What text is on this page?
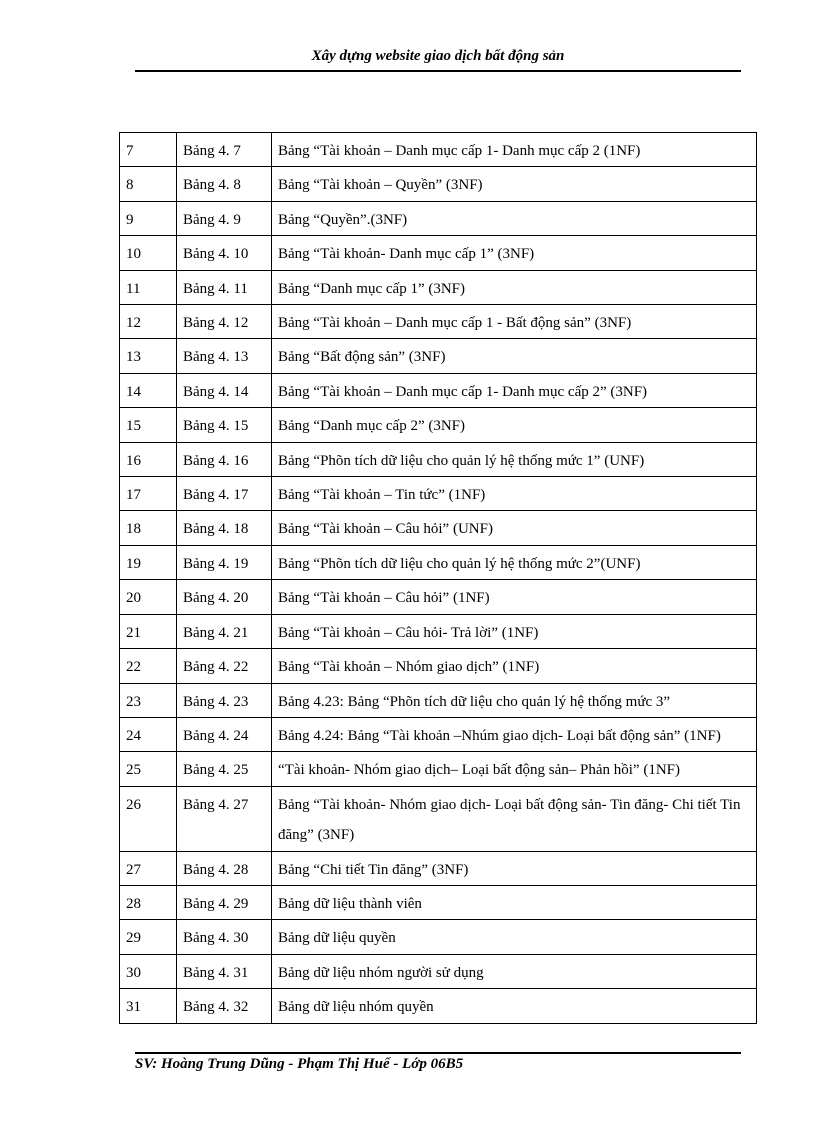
Xây dựng website giao dịch bất động sản
7	Bảng 4. 7	Bảng “Tài khoản – Danh mục cấp 1- Danh mục cấp 2 (1NF)
8	Bảng 4. 8	Bảng “Tài khoản – Quyền” (3NF)
9	Bảng 4. 9	Bảng “Quyền”.(3NF)
10	Bảng 4. 10	Bảng “Tài khoản- Danh mục cấp 1” (3NF)
11	Bảng 4. 11	Bảng “Danh mục cấp 1” (3NF)
12	Bảng 4. 12	Bảng “Tài khoản – Danh mục cấp 1 - Bất động sản” (3NF)
13	Bảng 4. 13	Bảng “Bất động sản” (3NF)
14	Bảng 4. 14	Bảng “Tài khoản – Danh mục cấp 1- Danh mục cấp 2” (3NF)
15	Bảng 4. 15	Bảng “Danh mục cấp 2” (3NF)
16	Bảng 4. 16	Bảng “Phõn tích dữ liệu cho quản lý hệ thống mức 1” (UNF)
17	Bảng 4. 17	Bảng “Tài khoản – Tin tức” (1NF)
18	Bảng 4. 18	Bảng “Tài khoản – Câu hỏi” (UNF)
19	Bảng 4. 19	Bảng “Phõn tích dữ liệu cho quản lý hệ thống mức 2”(UNF)
20	Bảng 4. 20	Bảng “Tài khoản – Câu hỏi” (1NF)
21	Bảng 4. 21	Bảng “Tài khoản – Câu hỏi- Trả lời” (1NF)
22	Bảng 4. 22	Bảng “Tài khoản – Nhóm giao dịch” (1NF)
23	Bảng 4. 23	Bảng 4.23: Bảng “Phõn tích dữ liệu cho quản lý hệ thống mức 3”
24	Bảng 4. 24	Bảng 4.24: Bảng “Tài khoản –Nhúm giao dịch- Loại bất động sản” (1NF)
25	Bảng 4. 25	“Tài khoản- Nhóm giao dịch– Loại bất động sản– Phản hồi” (1NF)
26	Bảng 4. 27	Bảng “Tài khoản- Nhóm giao dịch- Loại bất động sản- Tin đăng- Chi tiết Tin đăng” (3NF)
27	Bảng 4. 28	Bảng “Chi tiết Tin đăng” (3NF)
28	Bảng 4. 29	Bảng dữ liệu thành viên
29	Bảng 4. 30	Bảng dữ liệu quyền
30	Bảng 4. 31	Bảng dữ liệu nhóm người sử dụng
31	Bảng 4. 32	Bảng dữ liệu nhóm quyền
SV: Hoàng Trung Dũng - Phạm Thị Huế - Lớp 06B5
